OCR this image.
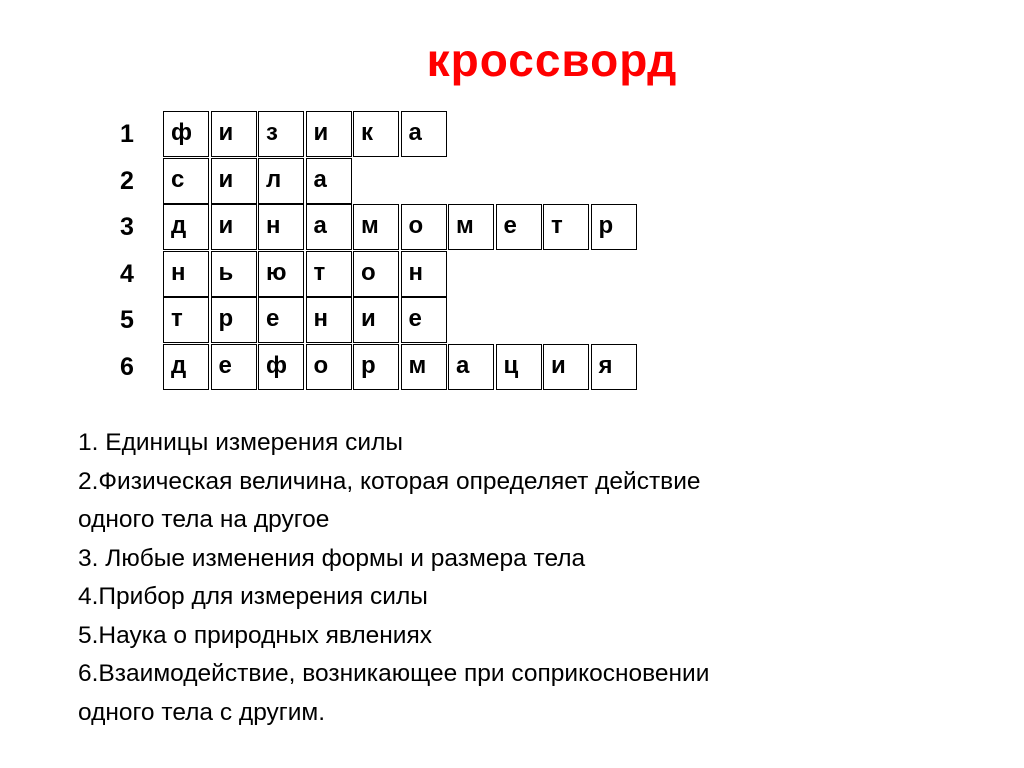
кроссворд
1	ф	и	з	и	к	а
2	с	и	л	а
3	д	и	н	а	м	о	м	е	т	р
4	н	ь	ю	т	о	н
5	т	р	е	н	и	е
6	д	е	ф	о	р	м	а	ц	и	я

1. Единицы измерения силы

2.Физическая величина, которая определяет действие

одного тела на другое

3. Любые изменения формы и размера тела

4.Прибор для измерения силы

5.Наука о природных явлениях

6.Взаимодействие, возникающее при соприкосновении

одного тела с другим.
